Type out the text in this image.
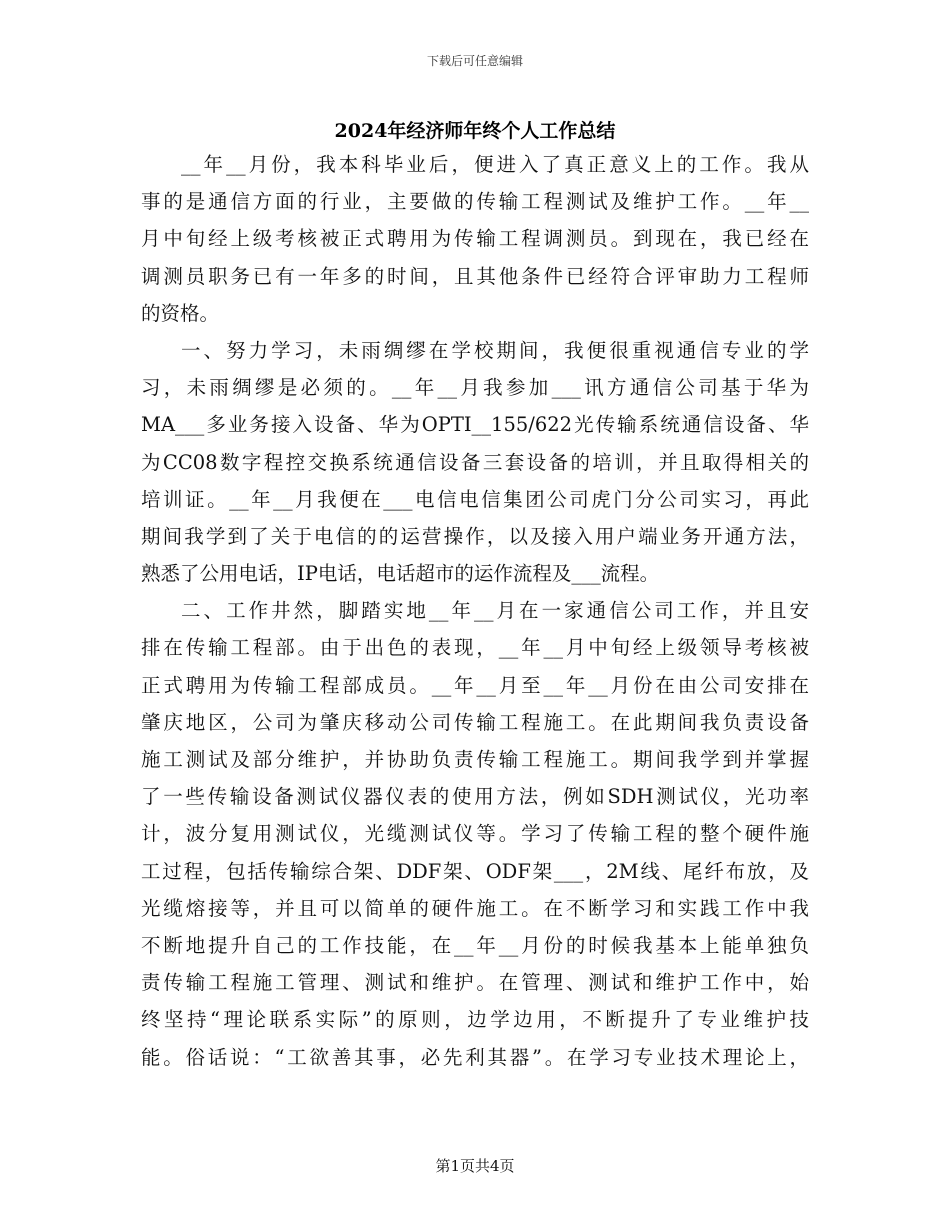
下载后可任意编辑
2024年经济师年终个人工作总结
__年__月份，我本科毕业后，便进入了真正意义上的工作。我从
事的是通信方面的行业，主要做的传输工程测试及维护工作。__年__
月中旬经上级考核被正式聘用为传输工程调测员。到现在，我已经在
调测员职务已有一年多的时间，且其他条件已经符合评审助力工程师
的资格。
一、努力学习，未雨绸缪在学校期间，我便很重视通信专业的学
习，未雨绸缪是必须的。__年__月我参加___讯方通信公司基于华为
MA___多业务接入设备、华为OPTI__155/622光传输系统通信设备、华
为CC08数字程控交换系统通信设备三套设备的培训，并且取得相关的
培训证。__年__月我便在___电信电信集团公司虎门分公司实习，再此
期间我学到了关于电信的的运营操作，以及接入用户端业务开通方法，
熟悉了公用电话，IP电话，电话超市的运作流程及___流程。
二、工作井然，脚踏实地__年__月在一家通信公司工作，并且安
排在传输工程部。由于出色的表现，__年__月中旬经上级领导考核被
正式聘用为传输工程部成员。__年__月至__年__月份在由公司安排在
肇庆地区，公司为肇庆移动公司传输工程施工。在此期间我负责设备
施工测试及部分维护，并协助负责传输工程施工。期间我学到并掌握
了一些传输设备测试仪器仪表的使用方法，例如SDH测试仪，光功率
计，波分复用测试仪，光缆测试仪等。学习了传输工程的整个硬件施
工过程，包括传输综合架、DDF架、ODF架___，2M线、尾纤布放，及
光缆熔接等，并且可以简单的硬件施工。在不断学习和实践工作中我
不断地提升自己的工作技能，在__年__月份的时候我基本上能单独负
责传输工程施工管理、测试和维护。在管理、测试和维护工作中，始
终坚持“理论联系实际”的原则，边学边用，不断提升了专业维护技
能。俗话说：“工欲善其事，必先利其器”。在学习专业技术理论上，
第1页共4页
